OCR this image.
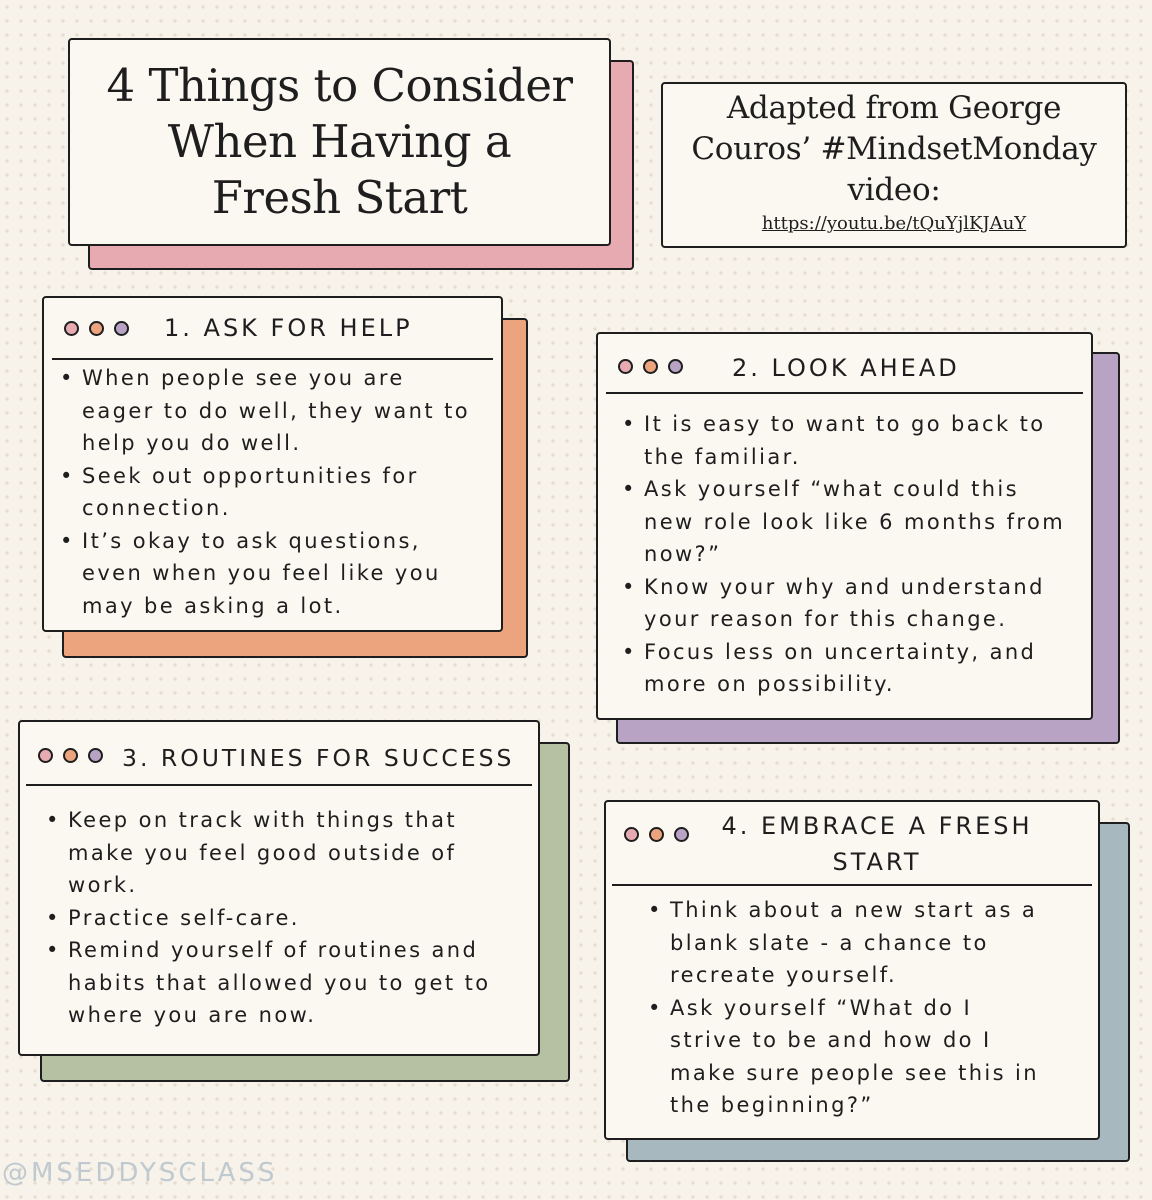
4 Things to Consider
When Having a
Fresh Start

Adapted from George
Couros’ #MindsetMonday
video:

https://youtu.be/tQuYjlKJAuY
1. ASK FOR HELP
• When people see you are
eager to do well, they want to
help you do well.
• Seek out opportunities for
connection.
• It’s okay to ask questions,
even when you feel like you
may be asking a lot.
2. LOOK AHEAD
• It is easy to want to go back to
the familiar.
• Ask yourself “what could this
new role look like 6 months from
now?”
• Know your why and understand
your reason for this change.
• Focus less on uncertainty, and
more on possibility.
3. ROUTINES FOR SUCCESS
• Keep on track with things that
make you feel good outside of
work.
• Practice self-care.
• Remind yourself of routines and
habits that allowed you to get to
where you are now.
4. EMBRACE A FRESH
START
• Think about a new start as a
blank slate - a chance to
recreate yourself.
• Ask yourself “What do I
strive to be and how do I
make sure people see this in
the beginning?”

@MSEDDYSCLASS
